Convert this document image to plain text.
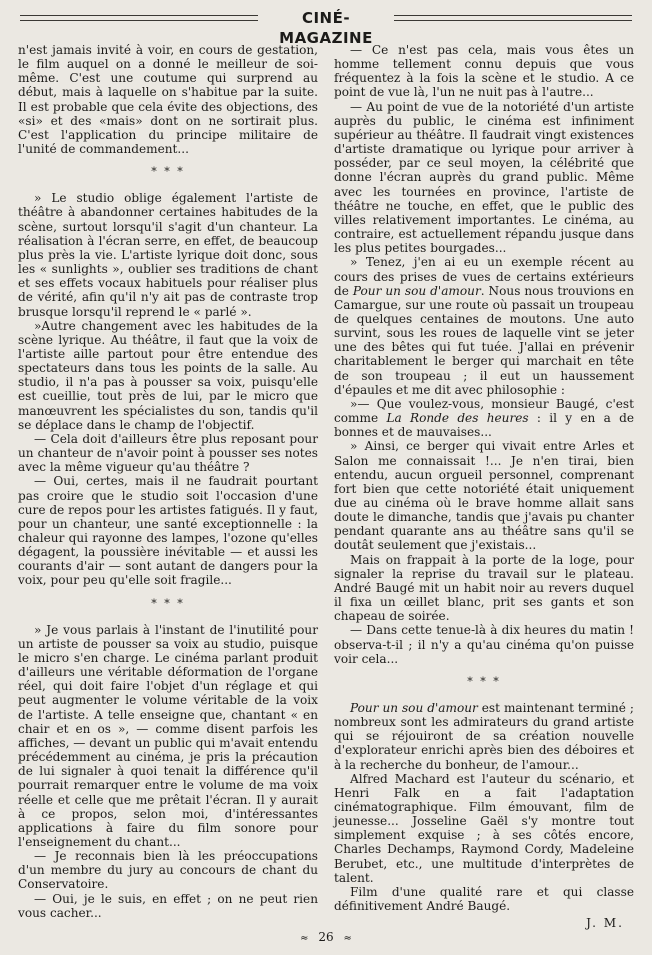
CINÉ-MAGAZINE

n'est jamais invité à voir, en cours de gestation, le film auquel on a donné le meilleur de soi-même. C'est une coutume qui surprend au début, mais à laquelle on s'habitue par la suite. Il est probable que cela évite des objections, des «si» et des «mais» dont on ne sortirait plus. C'est l'application du principe militaire de l'unité de commandement...

* * *

» Le studio oblige également l'artiste de théâtre à abandonner certaines habitudes de la scène, surtout lorsqu'il s'agit d'un chanteur. La réalisation à l'écran serre, en effet, de beaucoup plus près la vie. L'artiste lyrique doit donc, sous les « sunlights », oublier ses traditions de chant et ses effets vocaux habituels pour réaliser plus de vérité, afin qu'il n'y ait pas de contraste trop brusque lorsqu'il reprend le « parlé ».

»Autre changement avec les habitudes de la scène lyrique. Au théâtre, il faut que la voix de l'artiste aille partout pour être entendue des spectateurs dans tous les points de la salle. Au studio, il n'a pas à pousser sa voix, puisqu'elle est cueillie, tout près de lui, par le micro que manœuvrent les spécialistes du son, tandis qu'il se déplace dans le champ de l'objectif.

— Cela doit d'ailleurs être plus reposant pour un chanteur de n'avoir point à pousser ses notes avec la même vigueur qu'au théâtre ?

— Oui, certes, mais il ne faudrait pourtant pas croire que le studio soit l'occasion d'une cure de repos pour les artistes fatigués. Il y faut, pour un chanteur, une santé exceptionnelle : la chaleur qui rayonne des lampes, l'ozone qu'elles dégagent, la poussière inévitable — et aussi les courants d'air — sont autant de dangers pour la voix, pour peu qu'elle soit fragile...

* * *

» Je vous parlais à l'instant de l'inutilité pour un artiste de pousser sa voix au studio, puisque le micro s'en charge. Le cinéma parlant produit d'ailleurs une véritable déformation de l'organe réel, qui doit faire l'objet d'un réglage et qui peut augmenter le volume véritable de la voix de l'artiste. A telle enseigne que, chantant « en chair et en os », — comme disent parfois les affiches, — devant un public qui m'avait entendu précédemment au cinéma, je pris la précaution de lui signaler à quoi tenait la différence qu'il pourrait remarquer entre le volume de ma voix réelle et celle que me prêtait l'écran. Il y aurait à ce propos, selon moi, d'intéressantes applications à faire du film sonore pour l'enseignement du chant...

— Je reconnais bien là les préoccupations d'un membre du jury au concours de chant du Conservatoire.

— Oui, je le suis, en effet ; on ne peut rien vous cacher...

— Ce n'est pas cela, mais vous êtes un homme tellement connu depuis que vous fréquentez à la fois la scène et le studio. A ce point de vue là, l'un ne nuit pas à l'autre...

— Au point de vue de la notoriété d'un artiste auprès du public, le cinéma est infiniment supérieur au théâtre. Il faudrait vingt existences d'artiste dramatique ou lyrique pour arriver à posséder, par ce seul moyen, la célébrité que donne l'écran auprès du grand public. Même avec les tournées en province, l'artiste de théâtre ne touche, en effet, que le public des villes relativement importantes. Le cinéma, au contraire, est actuellement répandu jusque dans les plus petites bourgades...

» Tenez, j'en ai eu un exemple récent au cours des prises de vues de certains extérieurs de Pour un sou d'amour. Nous nous trouvions en Camargue, sur une route où passait un troupeau de quelques centaines de moutons. Une auto survint, sous les roues de laquelle vint se jeter une des bêtes qui fut tuée. J'allai en prévenir charitablement le berger qui marchait en tête de son troupeau ; il eut un haussement d'épaules et me dit avec philosophie :

»— Que voulez-vous, monsieur Baugé, c'est comme La Ronde des heures : il y en a de bonnes et de mauvaises...

» Ainsi, ce berger qui vivait entre Arles et Salon me connaissait !... Je n'en tirai, bien entendu, aucun orgueil personnel, comprenant fort bien que cette notoriété était uniquement due au cinéma où le brave homme allait sans doute le dimanche, tandis que j'avais pu chanter pendant quarante ans au théâtre sans qu'il se doutât seulement que j'existais...

Mais on frappait à la porte de la loge, pour signaler la reprise du travail sur le plateau. André Baugé mit un habit noir au revers duquel il fixa un œillet blanc, prit ses gants et son chapeau de soirée.

— Dans cette tenue-là à dix heures du matin ! observa-t-il ; il n'y a qu'au cinéma qu'on puisse voir cela...

* * *

Pour un sou d'amour est maintenant terminé ; nombreux sont les admirateurs du grand artiste qui se réjouiront de sa création nouvelle d'explorateur enrichi après bien des déboires et à la recherche du bonheur, de l'amour...

Alfred Machard est l'auteur du scénario, et Henri Falk en a fait l'adaptation cinématographique. Film émouvant, film de jeunesse... Josseline Gaël s'y montre tout simplement exquise ; à ses côtés encore, Charles Dechamps, Raymond Cordy, Madeleine Berubet, etc., une multitude d'interprètes de talent.

Film d'une qualité rare et qui classe définitivement André Baugé.

J. M.
≈ 26 ≈
